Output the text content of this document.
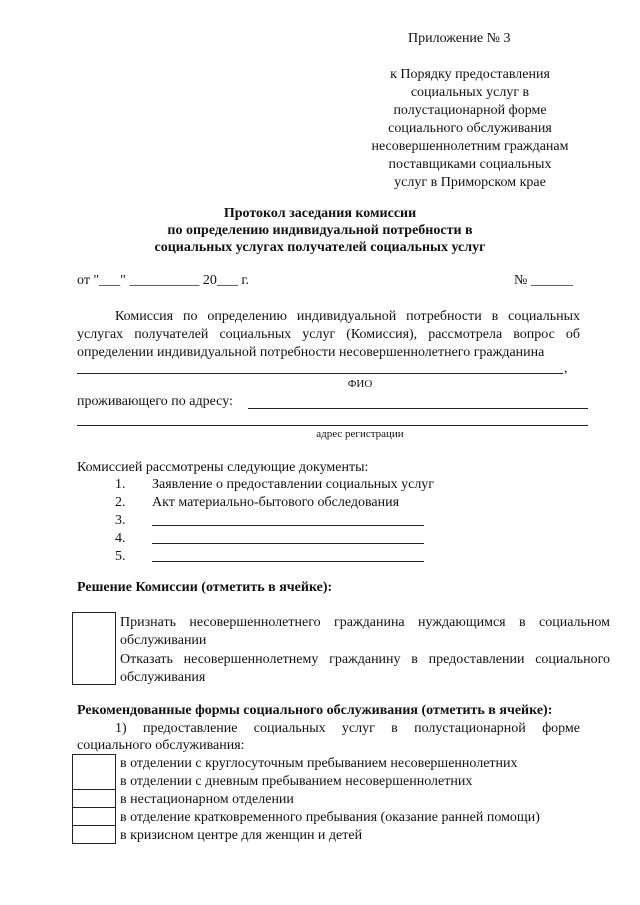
Приложение № 3
к Порядку предоставления
социальных услуг в
полустационарной форме
социального обслуживания
несовершеннолетним гражданам
поставщиками социальных
услуг в Приморском крае
Протокол заседания комиссии
по определению индивидуальной потребности в
социальных услугах получателей социальных услуг
от "___" __________ 20___ г.	№ ______
Комиссия по определению индивидуальной потребности в социальных
услугах получателей социальных услуг (Комиссия), рассмотрела вопрос об
определении индивидуальной потребности несовершеннолетнего гражданина
,
ФИО
проживающего по адресу:
адрес регистрации
Комиссией рассмотрены следующие документы:
1. Заявление о предоставлении социальных услуг
2. Акт материально-бытового обследования
3.
4.
5.
Решение Комиссии (отметить в ячейке):
Признать несовершеннолетнего гражданина нуждающимся в социальном
обслуживании
Отказать несовершеннолетнему гражданину в предоставлении социального
обслуживания
Рекомендованные формы социального обслуживания (отметить в ячейке):
1) предоставление социальных услуг в полустационарной форме
социального обслуживания:
в отделении с круглосуточным пребыванием несовершеннолетних
в отделении с дневным пребыванием несовершеннолетних
в нестационарном отделении
в отделение кратковременного пребывания (оказание ранней помощи)
в кризисном центре для женщин и детей
